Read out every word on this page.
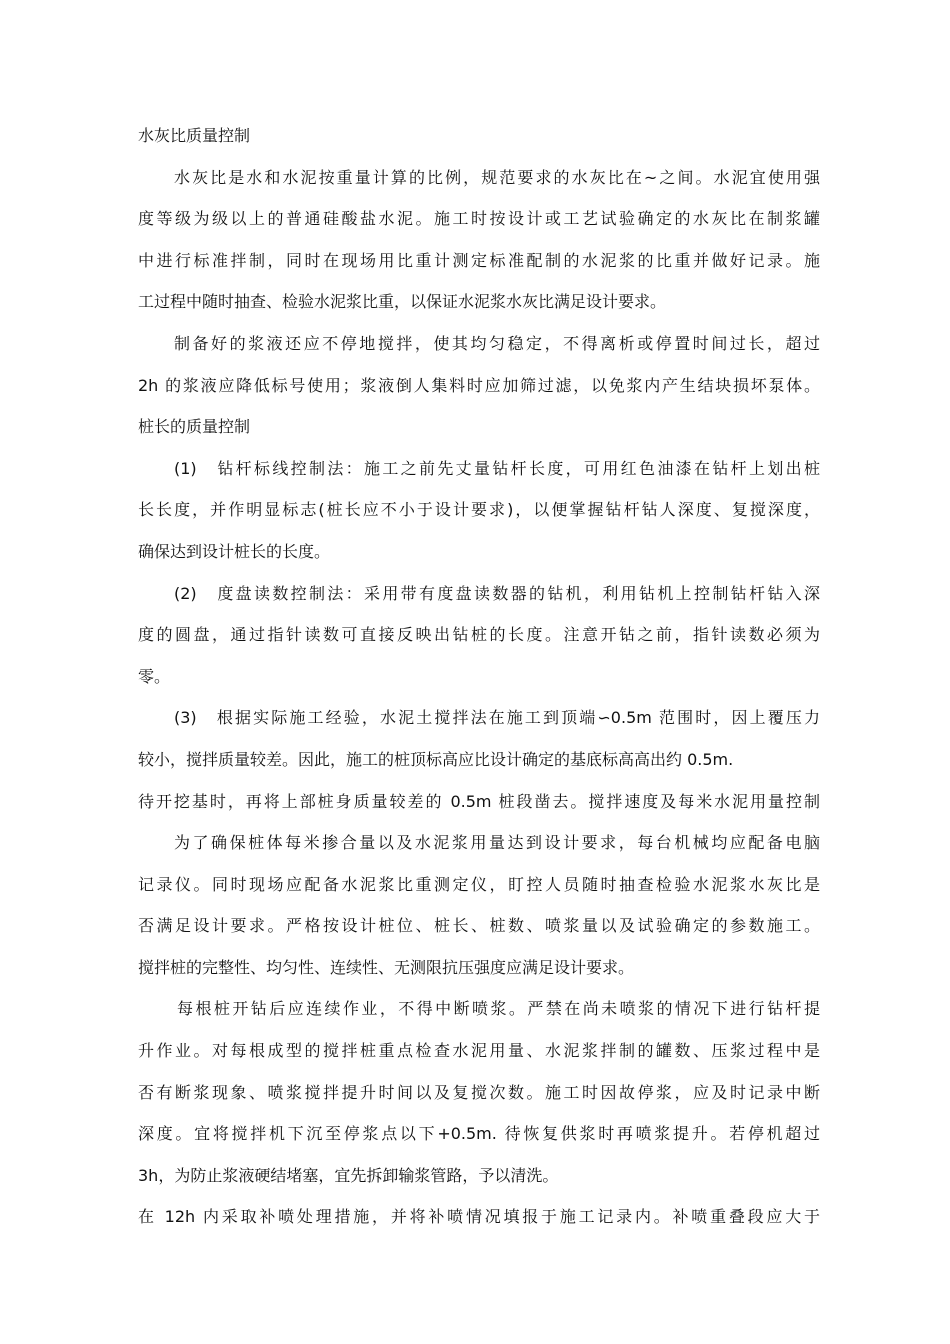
水灰比质量控制
水灰比是水和水泥按重量计算的比例，规范要求的水灰比在~之间。水泥宜使用强
度等级为级以上的普通硅酸盐水泥。施工时按设计或工艺试验确定的水灰比在制浆罐
中进行标准拌制，同时在现场用比重计测定标准配制的水泥浆的比重并做好记录。施
工过程中随时抽查、检验水泥浆比重，以保证水泥浆水灰比满足设计要求。
制备好的浆液还应不停地搅拌，使其均匀稳定，不得离析或停置时间过长，超过
2h 的浆液应降低标号使用；浆液倒人集料时应加筛过滤，以免浆内产生结块损坏泵体。
桩长的质量控制
(1)　钻杆标线控制法：施工之前先丈量钻杆长度，可用红色油漆在钻杆上划出桩
长长度，并作明显标志(桩长应不小于设计要求)，以便掌握钻杆钻人深度、复搅深度，
确保达到设计桩长的长度。
(2)　度盘读数控制法：采用带有度盘读数器的钻机，利用钻机上控制钻杆钻入深
度的圆盘，通过指针读数可直接反映出钻桩的长度。注意开钻之前，指针读数必须为
零。
(3)　根据实际施工经验，水泥土搅拌法在施工到顶端∽0.5m 范围时，因上覆压力
较小，搅拌质量较差。因此，施工的桩顶标高应比设计确定的基底标高高出约 0.5m.
待开挖基时，再将上部桩身质量较差的 0.5m 桩段凿去。搅拌速度及每米水泥用量控制
为了确保桩体每米掺合量以及水泥浆用量达到设计要求，每台机械均应配备电脑
记录仪。同时现场应配备水泥浆比重测定仪，盯控人员随时抽查检验水泥浆水灰比是
否满足设计要求。严格按设计桩位、桩长、桩数、喷浆量以及试验确定的参数施工。
搅拌桩的完整性、均匀性、连续性、无测限抗压强度应满足设计要求。
每根桩开钻后应连续作业，不得中断喷浆。严禁在尚未喷浆的情况下进行钻杆提
升作业。对每根成型的搅拌桩重点检查水泥用量、水泥浆拌制的罐数、压浆过程中是
否有断浆现象、喷浆搅拌提升时间以及复搅次数。施工时因故停浆，应及时记录中断
深度。宜将搅拌机下沉至停浆点以下+0.5m. 待恢复供浆时再喷浆提升。若停机超过
3h，为防止浆液硬结堵塞，宜先拆卸输浆管路，予以清洗。
在 12h 内采取补喷处理措施，并将补喷情况填报于施工记录内。补喷重叠段应大于
